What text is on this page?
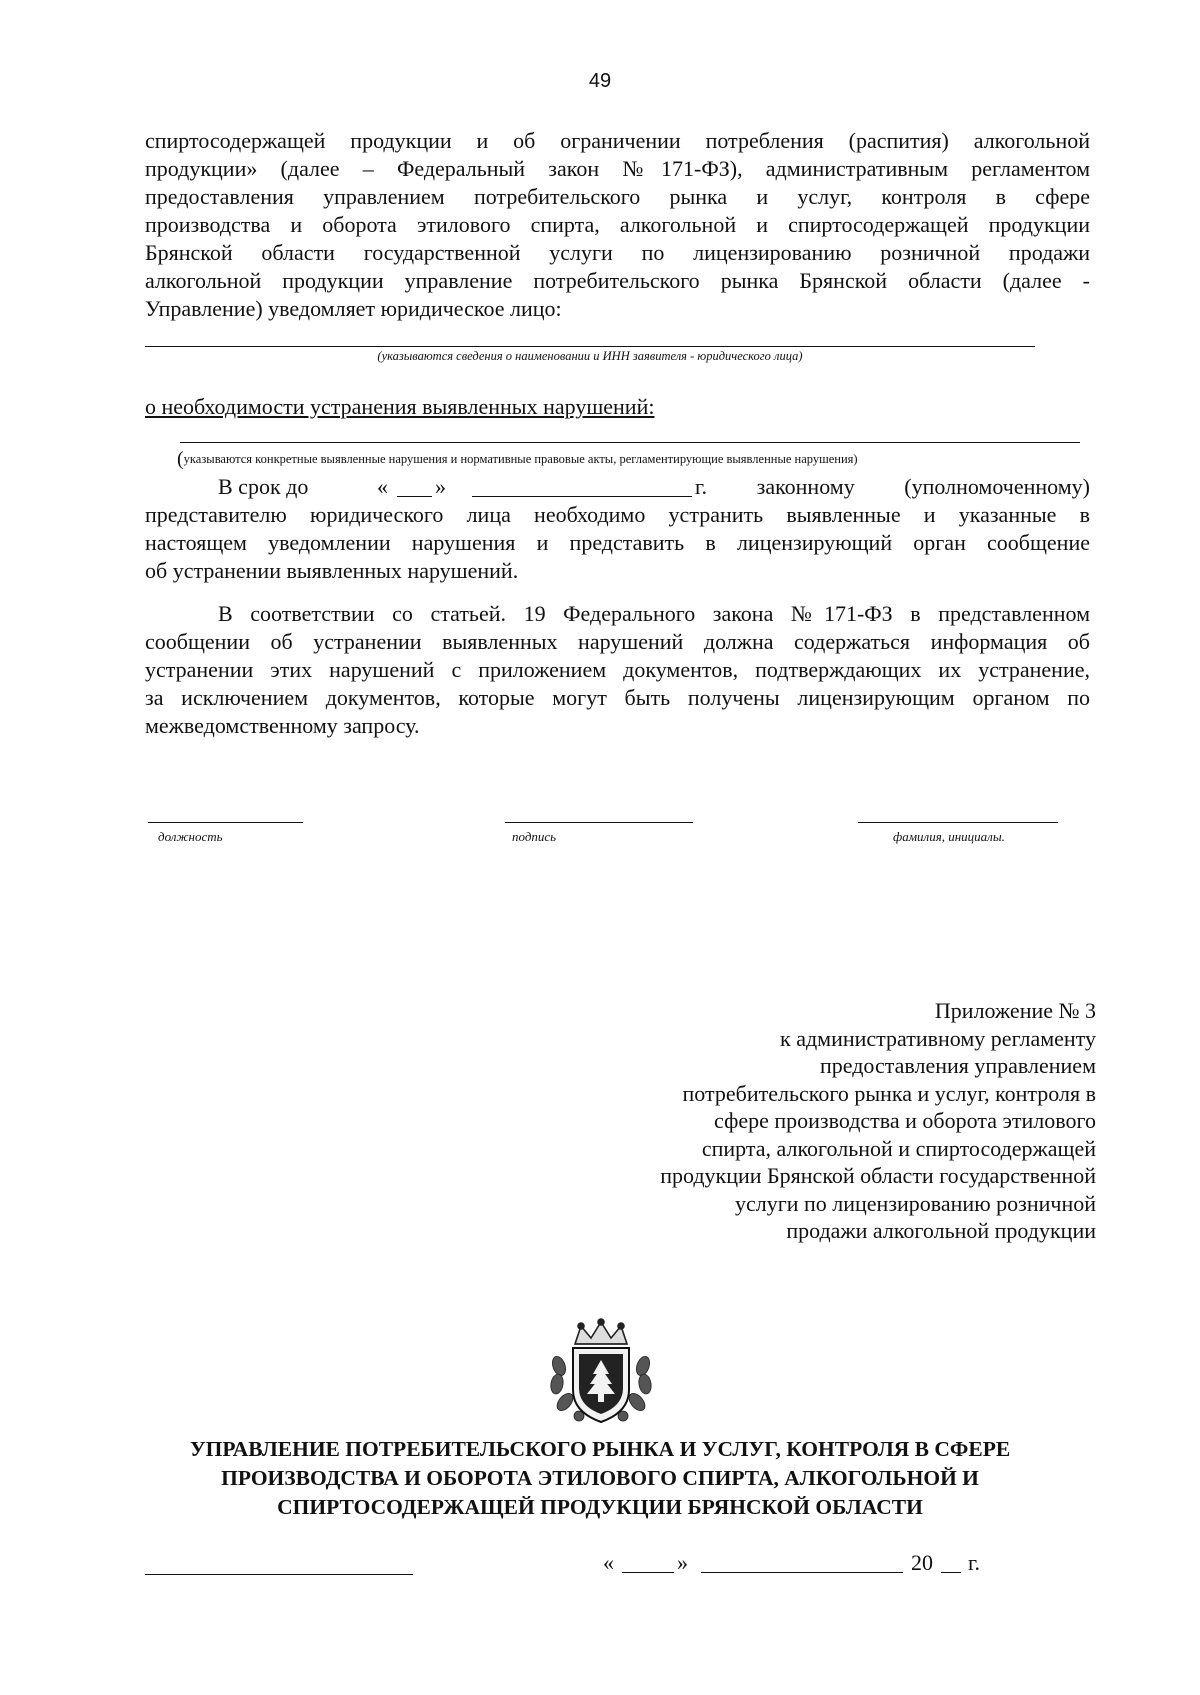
49
спиртосодержащей продукции и об ограничении потребления (распития) алкогольной
продукции» (далее – Федеральный закон №171-ФЗ), административным регламентом
предоставления управлением потребительского рынка и услуг, контроля в сфере
производства и оборота этилового спирта, алкогольной и спиртосодержащей продукции
Брянской области государственной услуги по лицензированию розничной продажи
алкогольной продукции управление потребительского рынка Брянской области (далее -
Управление) уведомляет юридическое лицо:
(указываются сведения о наименовании и ИНН заявителя - юридического лица)
о необходимости устранения выявленных нарушений:
(указываются конкретные выявленные нарушения и нормативные правовые акты, регламентирующие выявленные нарушения)
В срок до	« »	г. законному (уполномоченному)
представителю юридического лица необходимо устранить выявленные и указанные в
настоящем уведомлении нарушения и представить в лицензирующий орган сообщение
об устранении выявленных нарушений.
В соответствии со статьей. 19 Федерального закона №171-ФЗ в представленном
сообщении об устранении выявленных нарушений должна содержаться информация об
устранении этих нарушений с приложением документов, подтверждающих их устранение,
за исключением документов, которые могут быть получены лицензирующим органом по
межведомственному запросу.
должность	подпись	фамилия, инициалы.
Приложение № 3
к административному регламенту
предоставления управлением
потребительского рынка и услуг, контроля в
сфере производства и оборота этилового
спирта, алкогольной и спиртосодержащей
продукции Брянской области государственной
услуги по лицензированию розничной
продажи алкогольной продукции
УПРАВЛЕНИЕ ПОТРЕБИТЕЛЬСКОГО РЫНКА И УСЛУГ, КОНТРОЛЯ В СФЕРЕ
ПРОИЗВОДСТВА И ОБОРОТА ЭТИЛОВОГО СПИРТА, АЛКОГОЛЬНОЙ И
СПИРТОСОДЕРЖАЩЕЙ ПРОДУКЦИИ БРЯНСКОЙ ОБЛАСТИ
«	»	20 г.
